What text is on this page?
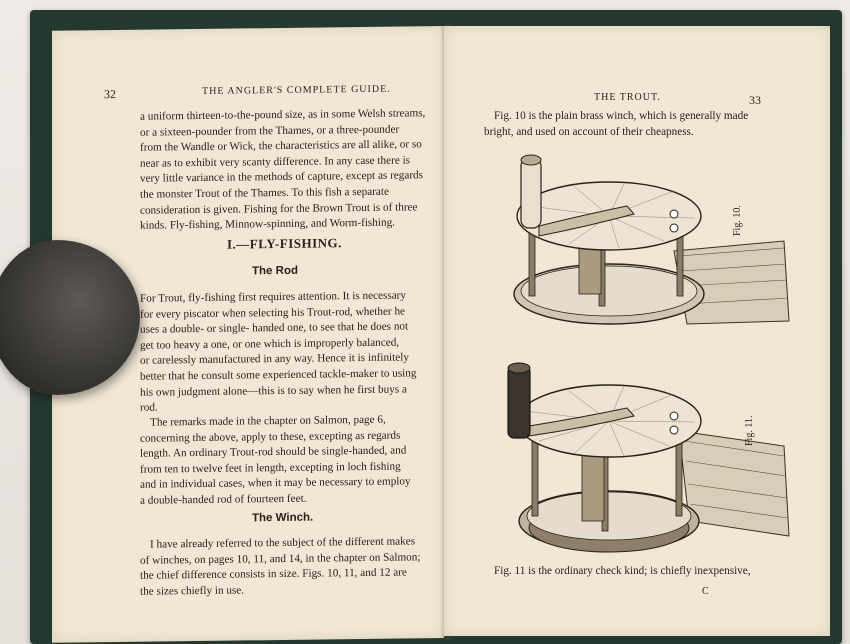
32	THE ANGLER'S COMPLETE GUIDE.

a uniform thirteen-to-the-pound size, as in some Welsh streams,

or a sixteen-pounder from the Thames, or a three-pounder

from the Wandle or Wick, the characteristics are all alike, or so

near as to exhibit very scanty difference. In any case there is

very little variance in the methods of capture, except as regards

the monster Trout of the Thames. To this fish a separate

consideration is given. Fishing for the Brown Trout is of three

kinds. Fly-fishing, Minnow-spinning, and Worm-fishing.

I.—FLY-FISHING.
The Rod

For Trout, fly-fishing first requires attention. It is necessary

for every piscator when selecting his Trout-rod, whether he

uses a double- or single- handed one, to see that he does not

get too heavy a one, or one which is improperly balanced,

or carelessly manufactured in any way. Hence it is infinitely

better that he consult some experienced tackle-maker to using

his own judgment alone—this is to say when he first buys a

rod.

The remarks made in the chapter on Salmon, page 6,

concerning the above, apply to these, excepting as regards

length. An ordinary Trout-rod should be single-handed, and

from ten to twelve feet in length, excepting in loch fishing

and in individual cases, when it may be necessary to employ

a double-handed rod of fourteen feet.

The Winch.

I have already referred to the subject of the different makes

of winches, on pages 10, 11, and 14, in the chapter on Salmon;

the chief difference consists in size. Figs. 10, 11, and 12 are

the sizes chiefly in use.

THE TROUT.	33

Fig. 10 is the plain brass winch, which is generally made

bright, and used on account of their cheapness.

Fig. 10.
Fig. 11.

Fig. 11 is the ordinary check kind; is chiefly inexpensive,

C
